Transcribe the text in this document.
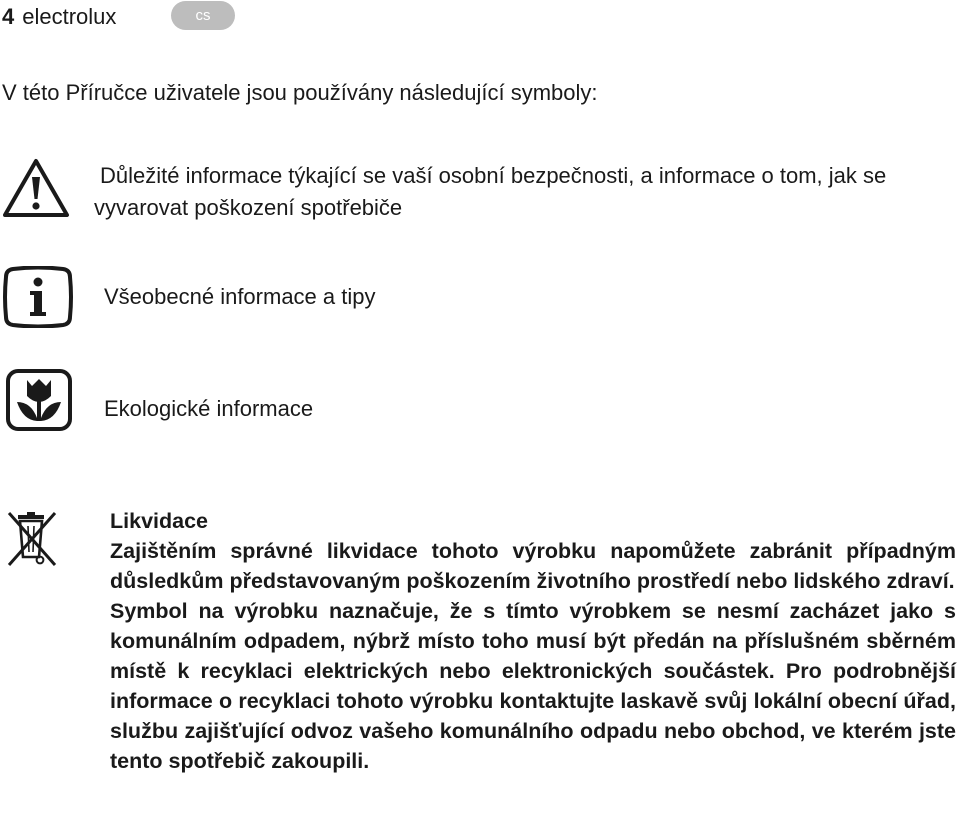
4 electrolux	cs
V této Příručce uživatele jsou používány následující symboly:
Důležité informace týkající se vaší osobní bezpečnosti, a informace o tom, jak se vyvarovat poškození spotřebiče
Všeobecné informace a tipy
Ekologické informace

Likvidace

Zajištěním správné likvidace tohoto výrobku napomůžete zabránit případným důsledkům představovaným poškozením životního prostředí nebo lidského zdraví.

Symbol na výrobku naznačuje, že s tímto výrobkem se nesmí zacházet jako s komunálním odpadem, nýbrž místo toho musí být předán na příslušném sběrném místě k recyklaci elektrických nebo elektronických součástek. Pro podrobnější informace o recyklaci tohoto výrobku kontaktujte laskavě svůj lokální obecní úřad, službu zajišťující odvoz vašeho komunálního odpadu nebo obchod, ve kterém jste tento spotřebič zakoupili.
